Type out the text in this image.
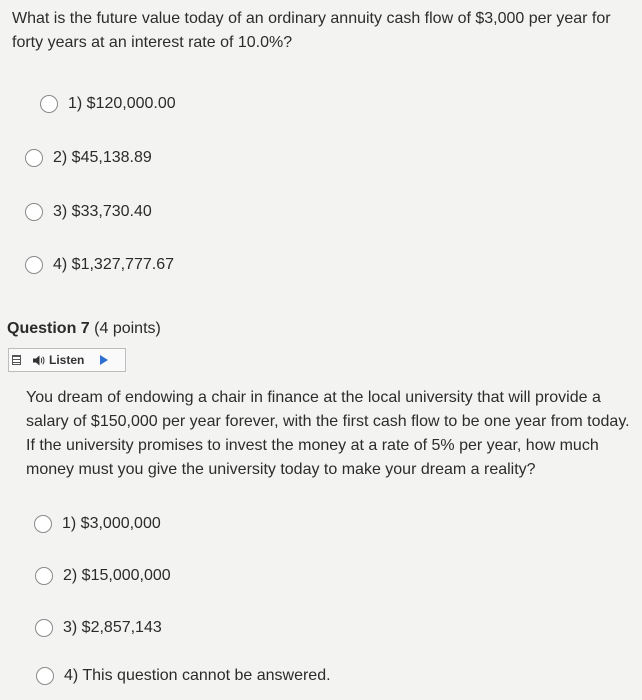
What is the future value today of an ordinary annuity cash flow of $3,000 per year for forty years at an interest rate of 10.0%?
1) $120,000.00
2) $45,138.89
3) $33,730.40
4) $1,327,777.67
Question 7 (4 points)
Listen
You dream of endowing a chair in finance at the local university that will provide a salary of $150,000 per year forever, with the first cash flow to be one year from today. If the university promises to invest the money at a rate of 5% per year, how much money must you give the university today to make your dream a reality?
1) $3,000,000
2) $15,000,000
3) $2,857,143
4) This question cannot be answered.
